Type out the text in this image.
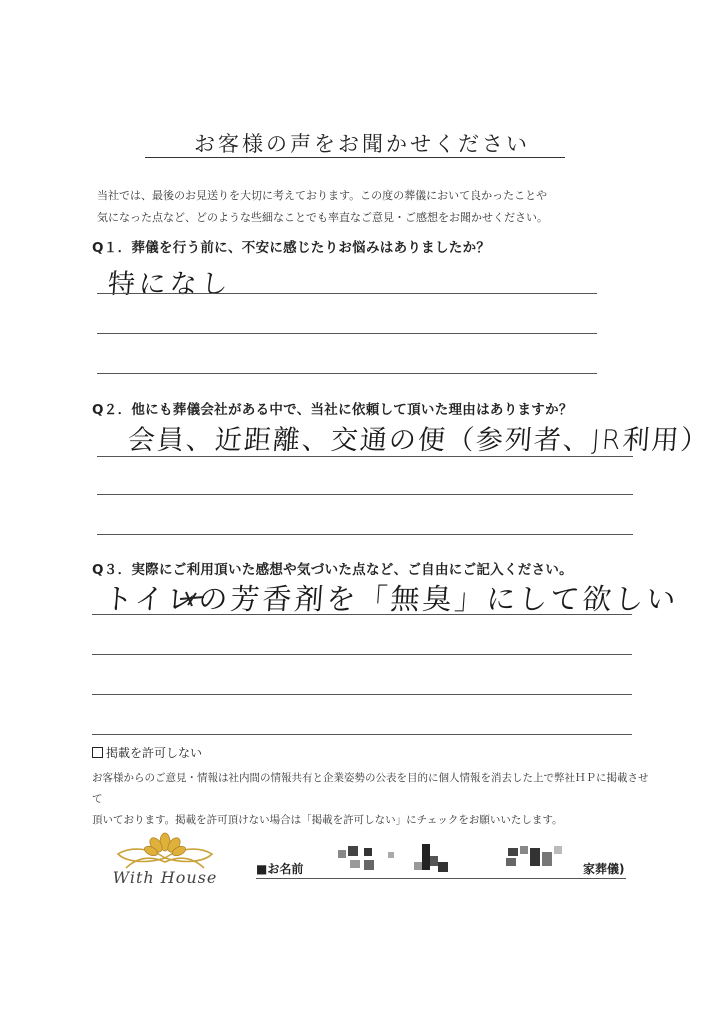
お客様の声をお聞かせください
当社では、最後のお見送りを大切に考えております。この度の葬儀において良かったことや
気になった点など、どのような些細なことでも率直なご意見・ご感想をお聞かせください。
Q１．葬儀を行う前に、不安に感じたりお悩みはありましたか？
特になし
Q２．他にも葬儀会社がある中で、当社に依頼して頂いた理由はありますか？
会員、近距離、交通の便（参列者、JR利用）
Q３．実際にご利用頂いた感想や気づいた点など、ご自由にご記入ください。
トイレの芳香剤を「無臭」にして欲しい
掲載を許可しない
お客様からのご意見・情報は社内間の情報共有と企業姿勢の公表を目的に個人情報を消去した上で弊社ＨＰに掲載させて
頂いております。掲載を許可頂けない場合は「掲載を許可しない」にチェックをお願いいたします。
With House	■お名前	家葬儀)
